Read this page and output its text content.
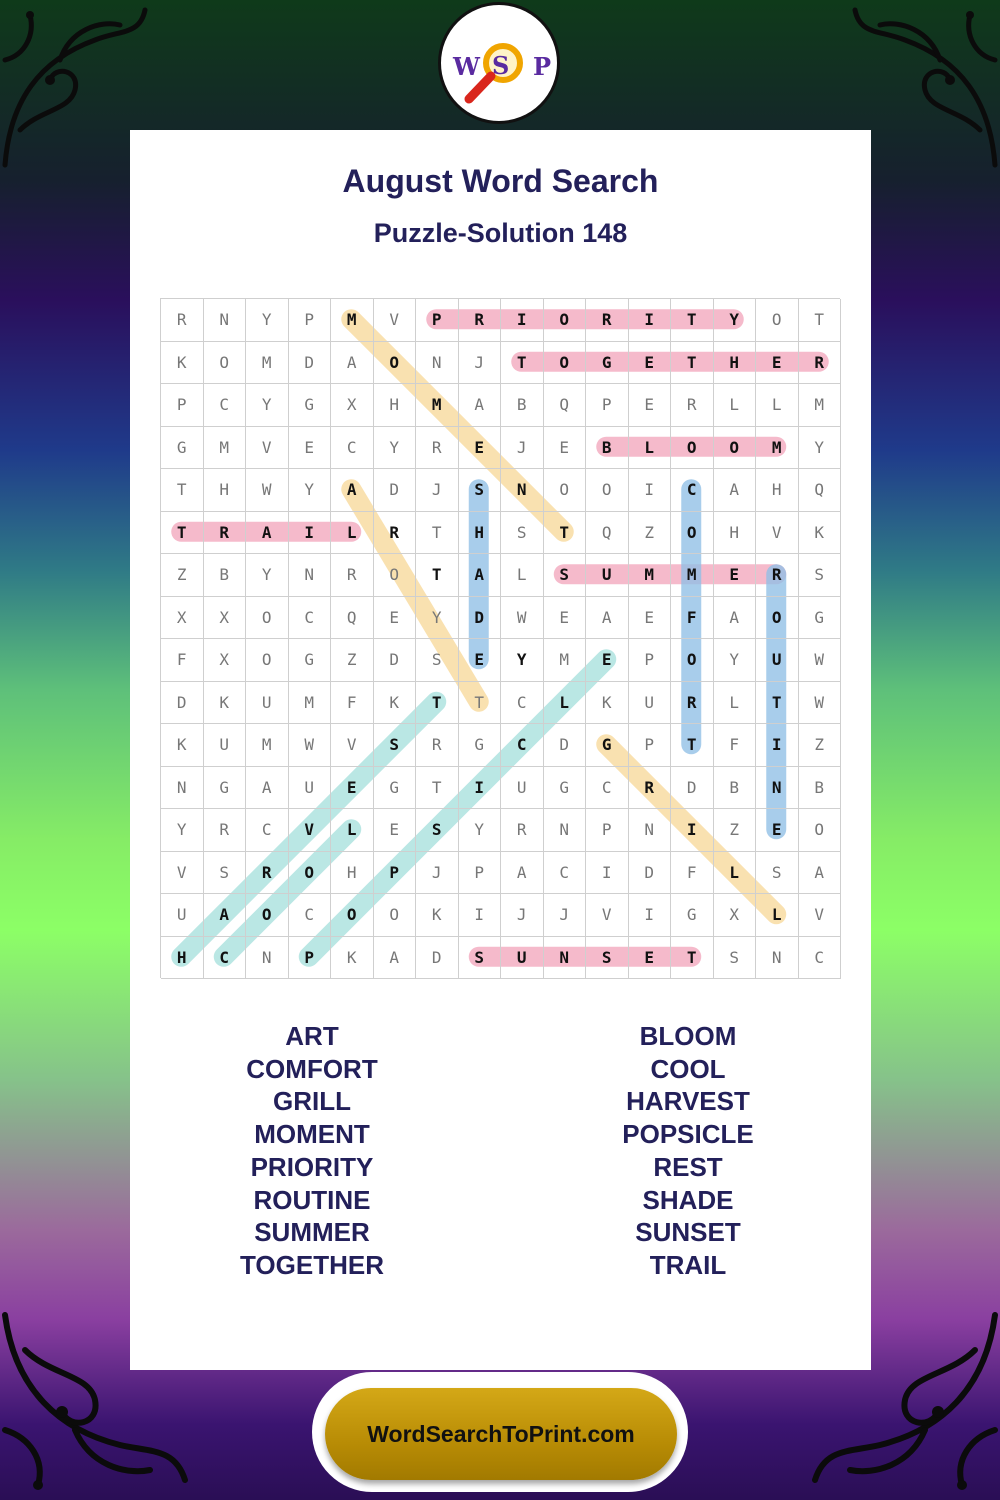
W S P
August Word Search
Puzzle-Solution 148
R	N	Y	P	M	V	P	R	I	O	R	I	T	Y	O	T
K	O	M	D	A	O	N	J	T	O	G	E	T	H	E	R
P	C	Y	G	X	H	M	A	B	Q	P	E	R	L	L	M
G	M	V	E	C	Y	R	E	J	E	B	L	O	O	M	Y
T	H	W	Y	A	D	J	S	N	O	O	I	C	A	H	Q
T	R	A	I	L	R	T	H	S	T	Q	Z	O	H	V	K
Z	B	Y	N	R	O	T	A	L	S	U	M	M	E	R	S
X	X	O	C	Q	E	Y	D	W	E	A	E	F	A	O	G
F	X	O	G	Z	D	S	E	Y	M	E	P	O	Y	U	W
D	K	U	M	F	K	T	T	C	L	K	U	R	L	T	W
K	U	M	W	V	S	R	G	C	D	G	P	T	F	I	Z
N	G	A	U	E	G	T	I	U	G	C	R	D	B	N	B
Y	R	C	V	L	E	S	Y	R	N	P	N	I	Z	E	O
V	S	R	O	H	P	J	P	A	C	I	D	F	L	S	A
U	A	O	C	O	O	K	I	J	J	V	I	G	X	L	V
H	C	N	P	K	A	D	S	U	N	S	E	T	S	N	C
ART
COMFORT
GRILL
MOMENT
PRIORITY
ROUTINE
SUMMER
TOGETHER
BLOOM
COOL
HARVEST
POPSICLE
REST
SHADE
SUNSET
TRAIL
WordSearchToPrint.com
